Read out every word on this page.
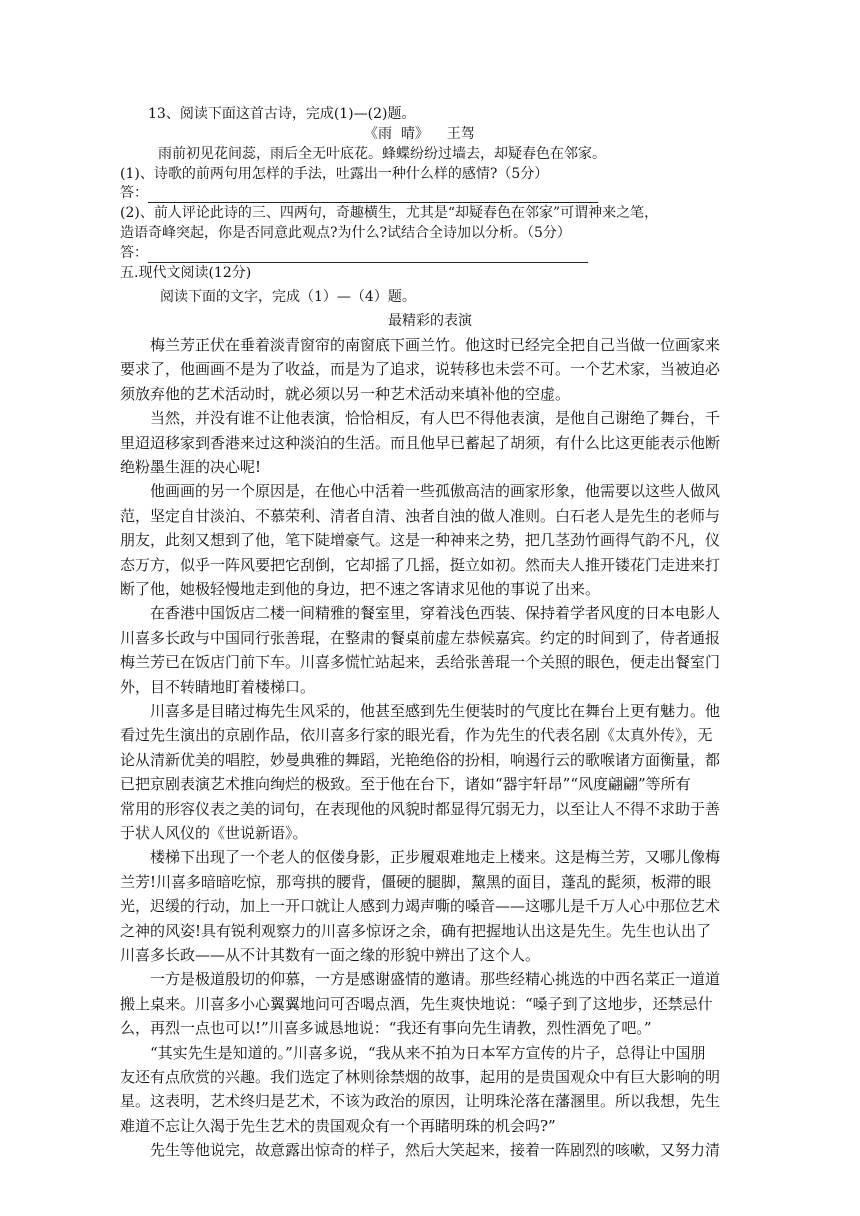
13、阅读下面这首古诗，完成(1)—(2)题。
《雨  晴》    王驾
雨前初见花间蕊，雨后全无叶底花。蜂蝶纷纷过墙去，却疑春色在邻家。
(1)、诗歌的前两句用怎样的手法，吐露出一种什么样的感情?（5分）
答：
(2)、前人评论此诗的三、四两句，奇趣横生，尤其是“却疑春色在邻家”可谓神来之笔，
造语奇峰突起，你是否同意此观点?为什么?试结合全诗加以分析。（5分）
答：
五.现代文阅读(12分)
阅读下面的文字，完成（1）—（4）题。
最精彩的表演
梅兰芳正伏在垂着淡青窗帘的南窗底下画兰竹。他这时已经完全把自己当做一位画家来
要求了，他画画不是为了收益，而是为了追求，说转移也未尝不可。一个艺术家，当被迫必
须放弃他的艺术活动时，就必须以另一种艺术活动来填补他的空虚。
当然，并没有谁不让他表演，恰恰相反，有人巴不得他表演，是他自己谢绝了舞台，千
里迢迢移家到香港来过这种淡泊的生活。而且他早已蓄起了胡须，有什么比这更能表示他断
绝粉墨生涯的决心呢!
他画画的另一个原因是，在他心中活着一些孤傲高洁的画家形象，他需要以这些人做风
范，坚定自甘淡泊、不慕荣利、清者自清、浊者自浊的做人准则。白石老人是先生的老师与
朋友，此刻又想到了他，笔下陡增豪气。这是一种神来之势，把几茎劲竹画得气韵不凡，仪
态万方，似乎一阵风要把它刮倒，它却摇了几摇，挺立如初。然而夫人推开镂花门走进来打
断了他，她极轻慢地走到他的身边，把不速之客请求见他的事说了出来。
在香港中国饭店二楼一间精雅的餐室里，穿着浅色西装、保持着学者风度的日本电影人
川喜多长政与中国同行张善琨，在整肃的餐桌前虚左恭候嘉宾。约定的时间到了，侍者通报
梅兰芳已在饭店门前下车。川喜多慌忙站起来，丢给张善琨一个关照的眼色，便走出餐室门
外，目不转睛地盯着楼梯口。
川喜多是目睹过梅先生风采的，他甚至感到先生便装时的气度比在舞台上更有魅力。他
看过先生演出的京剧作品，依川喜多行家的眼光看，作为先生的代表名剧《太真外传》，无
论从清新优美的唱腔，妙曼典雅的舞蹈，光艳绝俗的扮相，响遏行云的歌喉诸方面衡量，都
已把京剧表演艺术推向绚烂的极致。至于他在台下，诸如“器宇轩昂”“风度翩翩”等所有
常用的形容仪表之美的词句，在表现他的风貌时都显得冗弱无力，以至让人不得不求助于善
于状人风仪的《世说新语》。
楼梯下出现了一个老人的伛偻身影，正步履艰难地走上楼来。这是梅兰芳，又哪儿像梅
兰芳!川喜多暗暗吃惊，那弯拱的腰背，僵硬的腿脚，黧黑的面目，蓬乱的髭须，板滞的眼
光，迟缓的行动，加上一开口就让人感到力竭声嘶的嗓音——这哪儿是千万人心中那位艺术
之神的风姿!具有锐利观察力的川喜多惊讶之余，确有把握地认出这是先生。先生也认出了
川喜多长政——从不计其数有一面之缘的形貌中辨出了这个人。
一方是极道殷切的仰慕，一方是感谢盛情的邀请。那些经精心挑选的中西名菜正一道道
搬上桌来。川喜多小心翼翼地问可否喝点酒，先生爽快地说：“嗓子到了这地步，还禁忌什
么，再烈一点也可以!”川喜多诚恳地说：“我还有事向先生请教，烈性酒免了吧。”
“其实先生是知道的。”川喜多说，“我从来不拍为日本军方宣传的片子，总得让中国朋
友还有点欣赏的兴趣。我们选定了林则徐禁烟的故事，起用的是贵国观众中有巨大影响的明
星。这表明，艺术终归是艺术，不该为政治的原因，让明珠沦落在藩溷里。所以我想，先生
难道不忘让久渴于先生艺术的贵国观众有一个再睹明珠的机会吗?”
先生等他说完，故意露出惊奇的样子，然后大笑起来，接着一阵剧烈的咳嗽，又努力清
